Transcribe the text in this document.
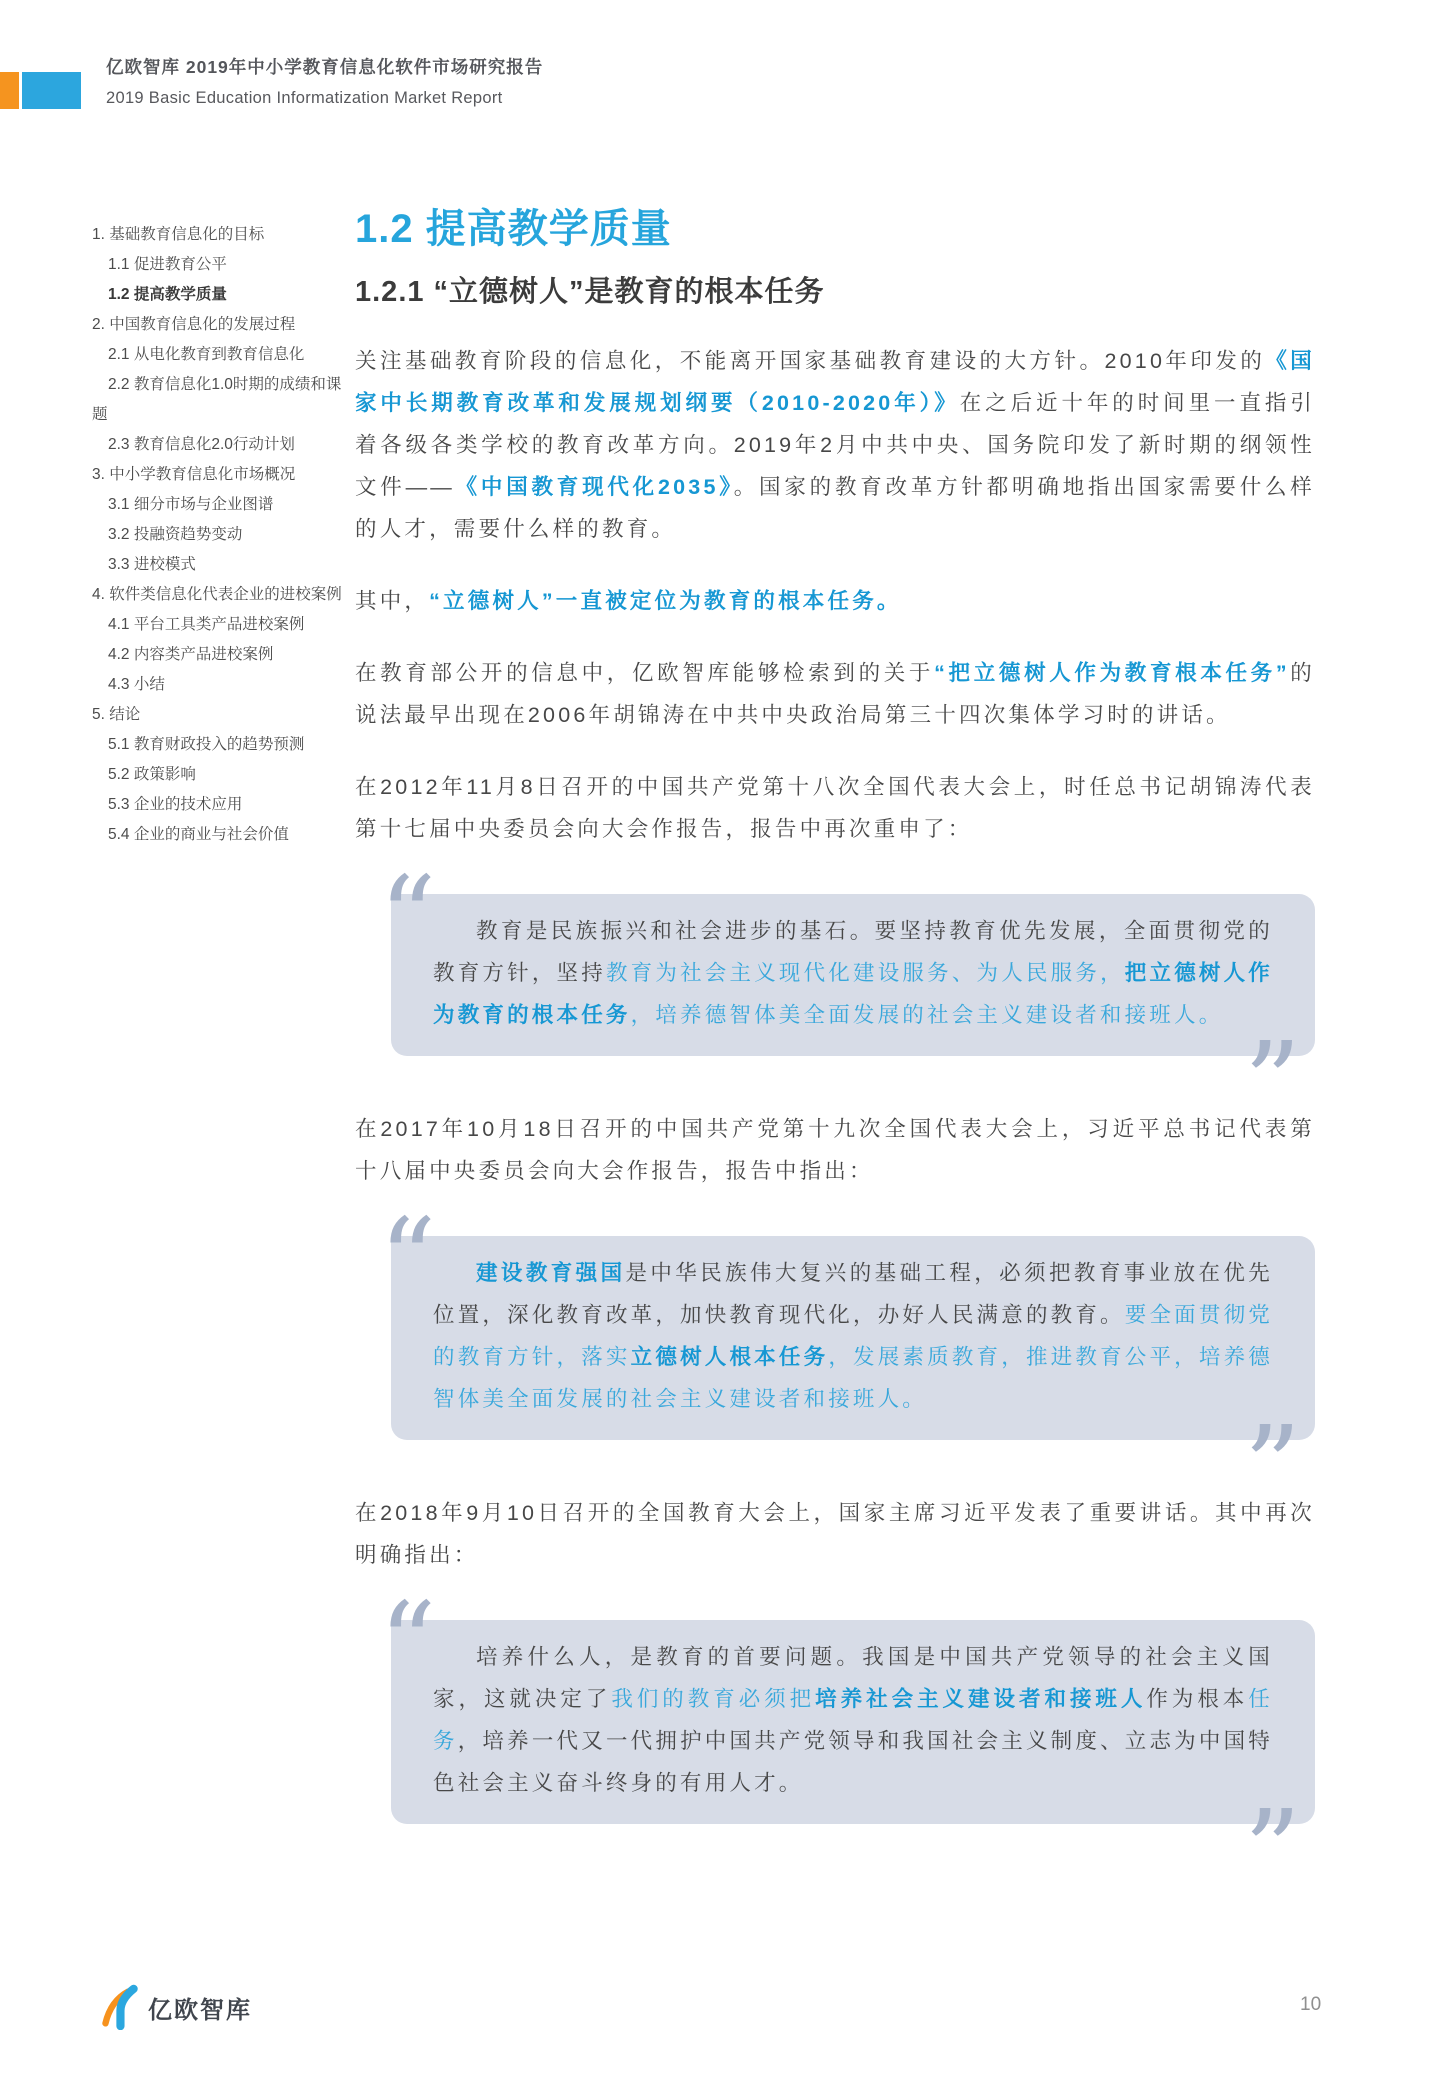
亿欧智库 2019年中小学教育信息化软件市场研究报告
2019 Basic Education Informatization Market Report
1. 基础教育信息化的目标
1.1 促进教育公平
1.2 提高教学质量
2. 中国教育信息化的发展过程
2.1 从电化教育到教育信息化
2.2 教育信息化1.0时期的成绩和课题
2.3 教育信息化2.0行动计划
3. 中小学教育信息化市场概况
3.1 细分市场与企业图谱
3.2 投融资趋势变动
3.3 进校模式
4. 软件类信息化代表企业的进校案例
4.1 平台工具类产品进校案例
4.2 内容类产品进校案例
4.3 小结
5. 结论
5.1 教育财政投入的趋势预测
5.2 政策影响
5.3 企业的技术应用
5.4 企业的商业与社会价值
1.2 提高教学质量
1.2.1 “立德树人”是教育的根本任务

关注基础教育阶段的信息化，不能离开国家基础教育建设的大方针。2010年印发的《国家中长期教育改革和发展规划纲要（2010-2020年）》在之后近十年的时间里一直指引着各级各类学校的教育改革方向。2019年2月中共中央、国务院印发了新时期的纲领性文件——《中国教育现代化2035》。国家的教育改革方针都明确地指出国家需要什么样的人才，需要什么样的教育。

其中，“立德树人”一直被定位为教育的根本任务。

在教育部公开的信息中，亿欧智库能够检索到的关于“把立德树人作为教育根本任务”的说法最早出现在2006年胡锦涛在中共中央政治局第三十四次集体学习时的讲话。

在2012年11月8日召开的中国共产党第十八次全国代表大会上，时任总书记胡锦涛代表第十七届中央委员会向大会作报告，报告中再次重申了：

“	教育是民族振兴和社会进步的基石。要坚持教育优先发展，全面贯彻党的教育方针，坚持教育为社会主义现代化建设服务、为人民服务，把立德树人作为教育的根本任务，培养德智体美全面发展的社会主义建设者和接班人。

”

在2017年10月18日召开的中国共产党第十九次全国代表大会上，习近平总书记代表第十八届中央委员会向大会作报告，报告中指出：

“	建设教育强国是中华民族伟大复兴的基础工程，必须把教育事业放在优先位置，深化教育改革，加快教育现代化，办好人民满意的教育。要全面贯彻党的教育方针，落实立德树人根本任务，发展素质教育，推进教育公平，培养德智体美全面发展的社会主义建设者和接班人。

”

在2018年9月10日召开的全国教育大会上，国家主席习近平发表了重要讲话。其中再次明确指出：

“	培养什么人，是教育的首要问题。我国是中国共产党领导的社会主义国家，这就决定了我们的教育必须把培养社会主义建设者和接班人作为根本任务，培养一代又一代拥护中国共产党领导和我国社会主义制度、立志为中国特色社会主义奋斗终身的有用人才。

”
亿欧智库	10
